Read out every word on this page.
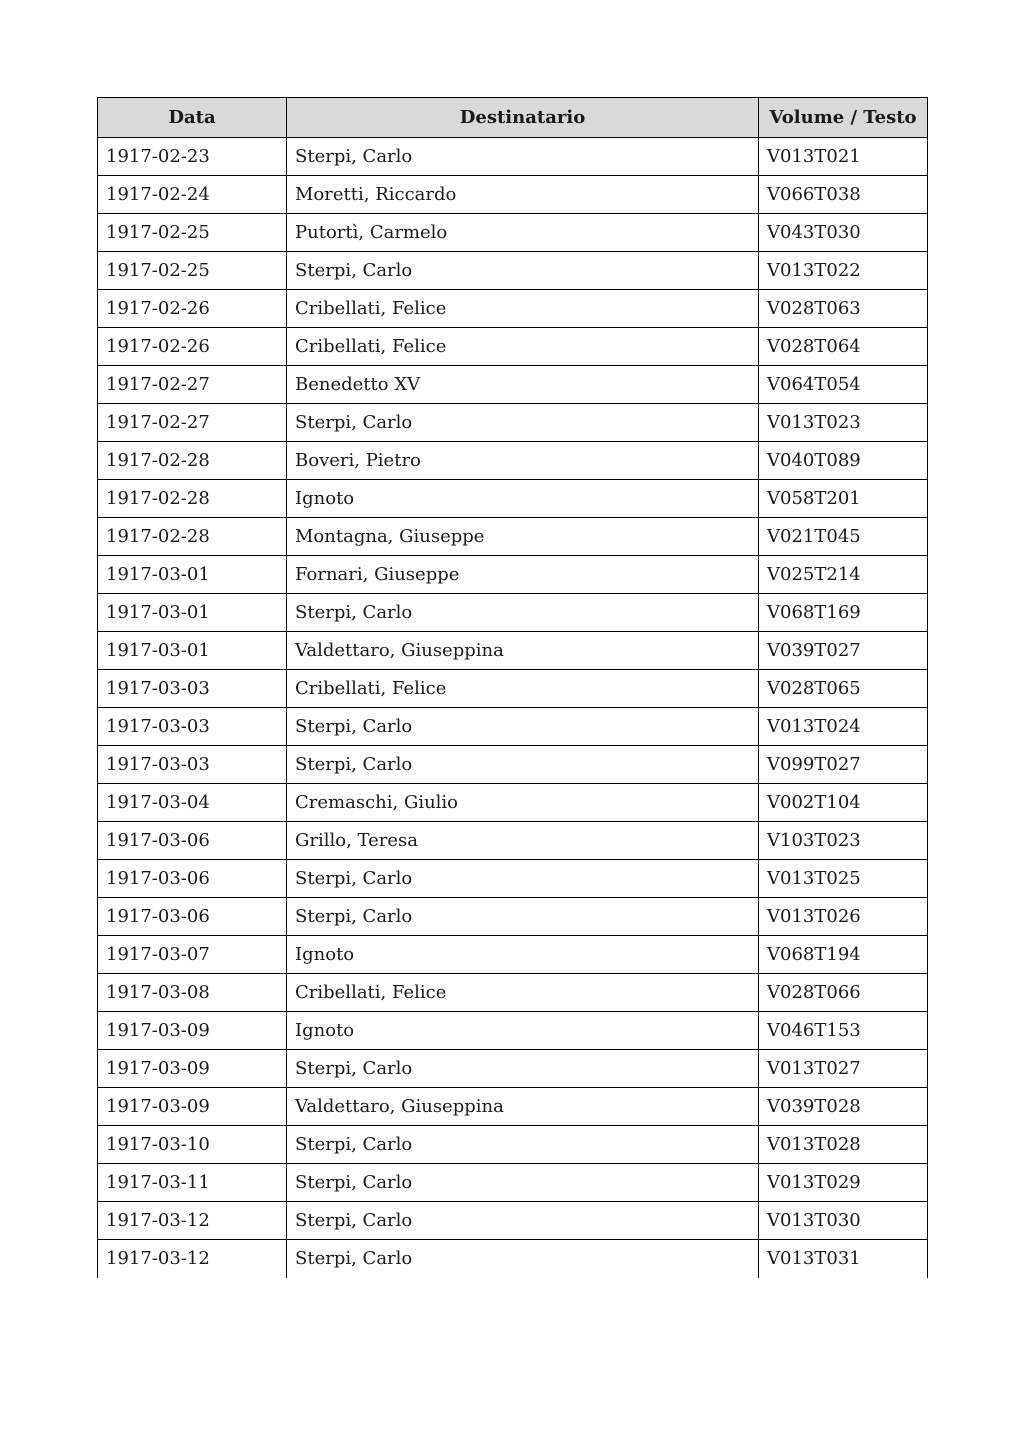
Data	Destinatario	Volume / Testo
1917-02-23	Sterpi, Carlo	V013T021
1917-02-24	Moretti, Riccardo	V066T038
1917-02-25	Putortì, Carmelo	V043T030
1917-02-25	Sterpi, Carlo	V013T022
1917-02-26	Cribellati, Felice	V028T063
1917-02-26	Cribellati, Felice	V028T064
1917-02-27	Benedetto XV	V064T054
1917-02-27	Sterpi, Carlo	V013T023
1917-02-28	Boveri, Pietro	V040T089
1917-02-28	Ignoto	V058T201
1917-02-28	Montagna, Giuseppe	V021T045
1917-03-01	Fornari, Giuseppe	V025T214
1917-03-01	Sterpi, Carlo	V068T169
1917-03-01	Valdettaro, Giuseppina	V039T027
1917-03-03	Cribellati, Felice	V028T065
1917-03-03	Sterpi, Carlo	V013T024
1917-03-03	Sterpi, Carlo	V099T027
1917-03-04	Cremaschi, Giulio	V002T104
1917-03-06	Grillo, Teresa	V103T023
1917-03-06	Sterpi, Carlo	V013T025
1917-03-06	Sterpi, Carlo	V013T026
1917-03-07	Ignoto	V068T194
1917-03-08	Cribellati, Felice	V028T066
1917-03-09	Ignoto	V046T153
1917-03-09	Sterpi, Carlo	V013T027
1917-03-09	Valdettaro, Giuseppina	V039T028
1917-03-10	Sterpi, Carlo	V013T028
1917-03-11	Sterpi, Carlo	V013T029
1917-03-12	Sterpi, Carlo	V013T030
1917-03-12	Sterpi, Carlo	V013T031
